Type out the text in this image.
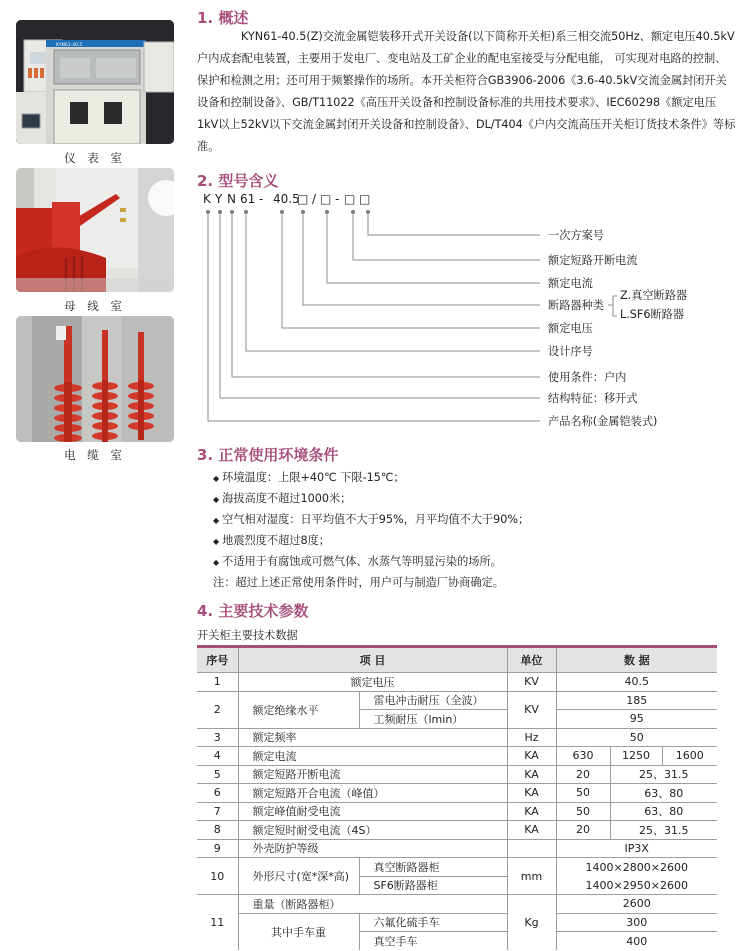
KYN61-40.5
仪 表 室
母 线 室
电 缆 室
1. 概述
KYN61-40.5(Z)交流金属铠装移开式开关设备(以下简称开关柜)系三相交流50Hz、额定电压40.5kV户内成套配电装置，主要用于发电厂、变电站及工矿企业的配电室接受与分配电能， 可实现对电路的控制、保护和检测之用；还可用于频繁操作的场所。本开关柜符合GB3906-2006《3.6-40.5kV交流金属封闭开关设备和控制设备》、GB/T11022《高压开关设备和控制设备标准的共用技术要求》、IEC60298《额定电压1kV以上52kV以下交流金属封闭开关设备和控制设备》、DL/T404《户内交流高压开关柜订货技术条件》等标准。
2. 型号含义
K Y N 61 - 40.5
□ / □ - □ □
一次方案号
额定短路开断电流
额定电流
断路器种类
Z.真空断路器
L.SF6断路器
额定电压
设计序号
使用条件：户内
结构特征：移开式
产品名称(金属铠装式)
3. 正常使用环境条件
◆ 环境温度：上限+40℃ 下限-15℃；
◆ 海拔高度不超过1000米；
◆ 空气相对湿度：日平均值不大于95%，月平均值不大于90%；
◆ 地震烈度不超过8度；
◆ 不适用于有腐蚀或可燃气体、水蒸气等明显污染的场所。
注：超过上述正常使用条件时，用户可与制造厂协商确定。
4. 主要技术参数
开关柜主要技术数据
序号	项 目		单位	数 据		
1	额定电压		KV	40.5		
2	额定绝缘水平	雷电冲击耐压（全波）	KV	185		
		工频耐压（lmin）		95		
3	额定频率		Hz	50		
4	额定电流		KA	630	1250	1600
5	额定短路开断电流		KA	20	25、31.5	
6	额定短路开合电流（峰值）		KA	50	63、80	
7	额定峰值耐受电流		KA	50	63、80	
8	额定短时耐受电流（4S）		KA	20	25、31.5	
9	外壳防护等级			IP3X		
10	外形尺寸(宽*深*高)	真空断路器柜	mm	1400×2800×2600		
		SF6断路器柜		1400×2950×2600		
11	重量（断路器柜）		Kg	2600		
	其中手车重	六氟化硫手车		300		
		真空手车		400		
